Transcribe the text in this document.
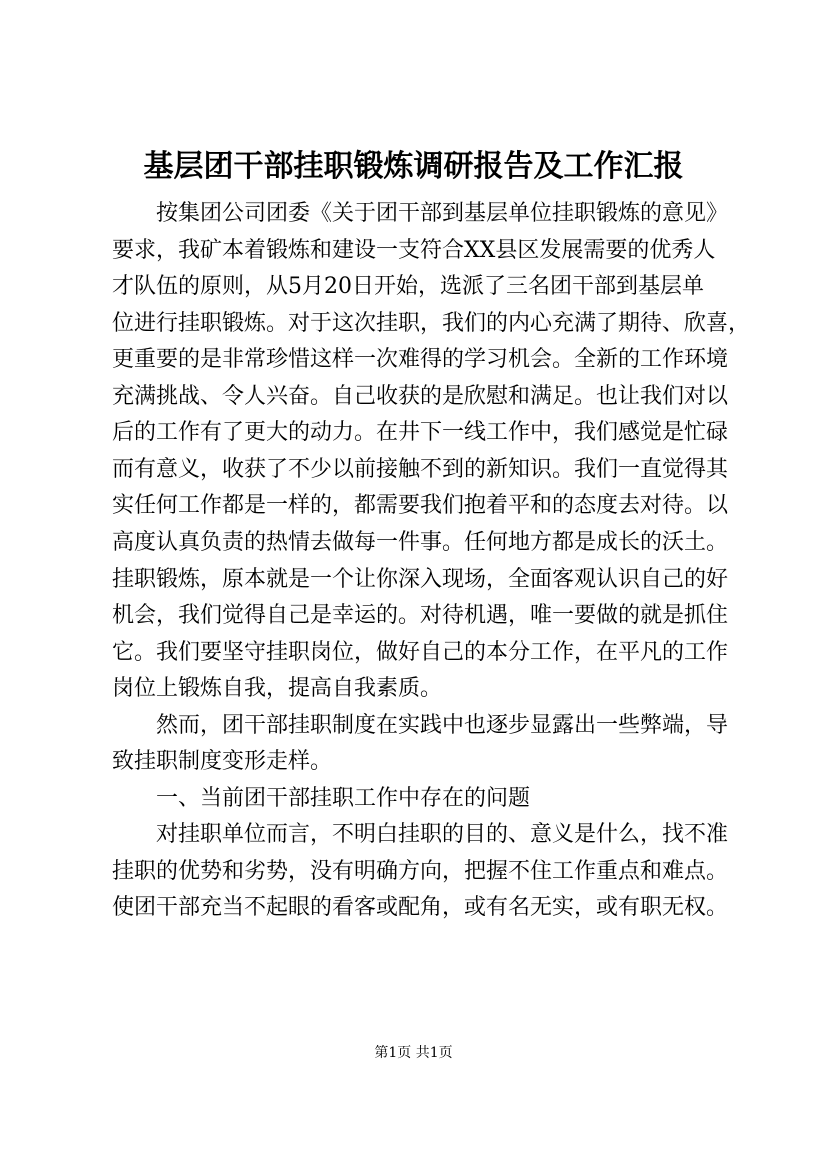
基层团干部挂职锻炼调研报告及工作汇报

　　按集团公司团委《关于团干部到基层单位挂职锻炼的意见》

要求，我矿本着锻炼和建设一支符合XX县区发展需要的优秀人

才队伍的原则，从5月20日开始，选派了三名团干部到基层单

位进行挂职锻炼。对于这次挂职，我们的内心充满了期待、欣喜，

更重要的是非常珍惜这样一次难得的学习机会。全新的工作环境

充满挑战、令人兴奋。自己收获的是欣慰和满足。也让我们对以

后的工作有了更大的动力。在井下一线工作中，我们感觉是忙碌

而有意义，收获了不少以前接触不到的新知识。我们一直觉得其

实任何工作都是一样的，都需要我们抱着平和的态度去对待。以

高度认真负责的热情去做每一件事。任何地方都是成长的沃土。

挂职锻炼，原本就是一个让你深入现场，全面客观认识自己的好

机会，我们觉得自己是幸运的。对待机遇，唯一要做的就是抓住

它。我们要坚守挂职岗位，做好自己的本分工作，在平凡的工作

岗位上锻炼自我，提高自我素质。

　　然而，团干部挂职制度在实践中也逐步显露出一些弊端，导

致挂职制度变形走样。

　　一、当前团干部挂职工作中存在的问题

　　对挂职单位而言，不明白挂职的目的、意义是什么，找不准

挂职的优势和劣势，没有明确方向，把握不住工作重点和难点。

使团干部充当不起眼的看客或配角，或有名无实，或有职无权。

第1页 共1页
